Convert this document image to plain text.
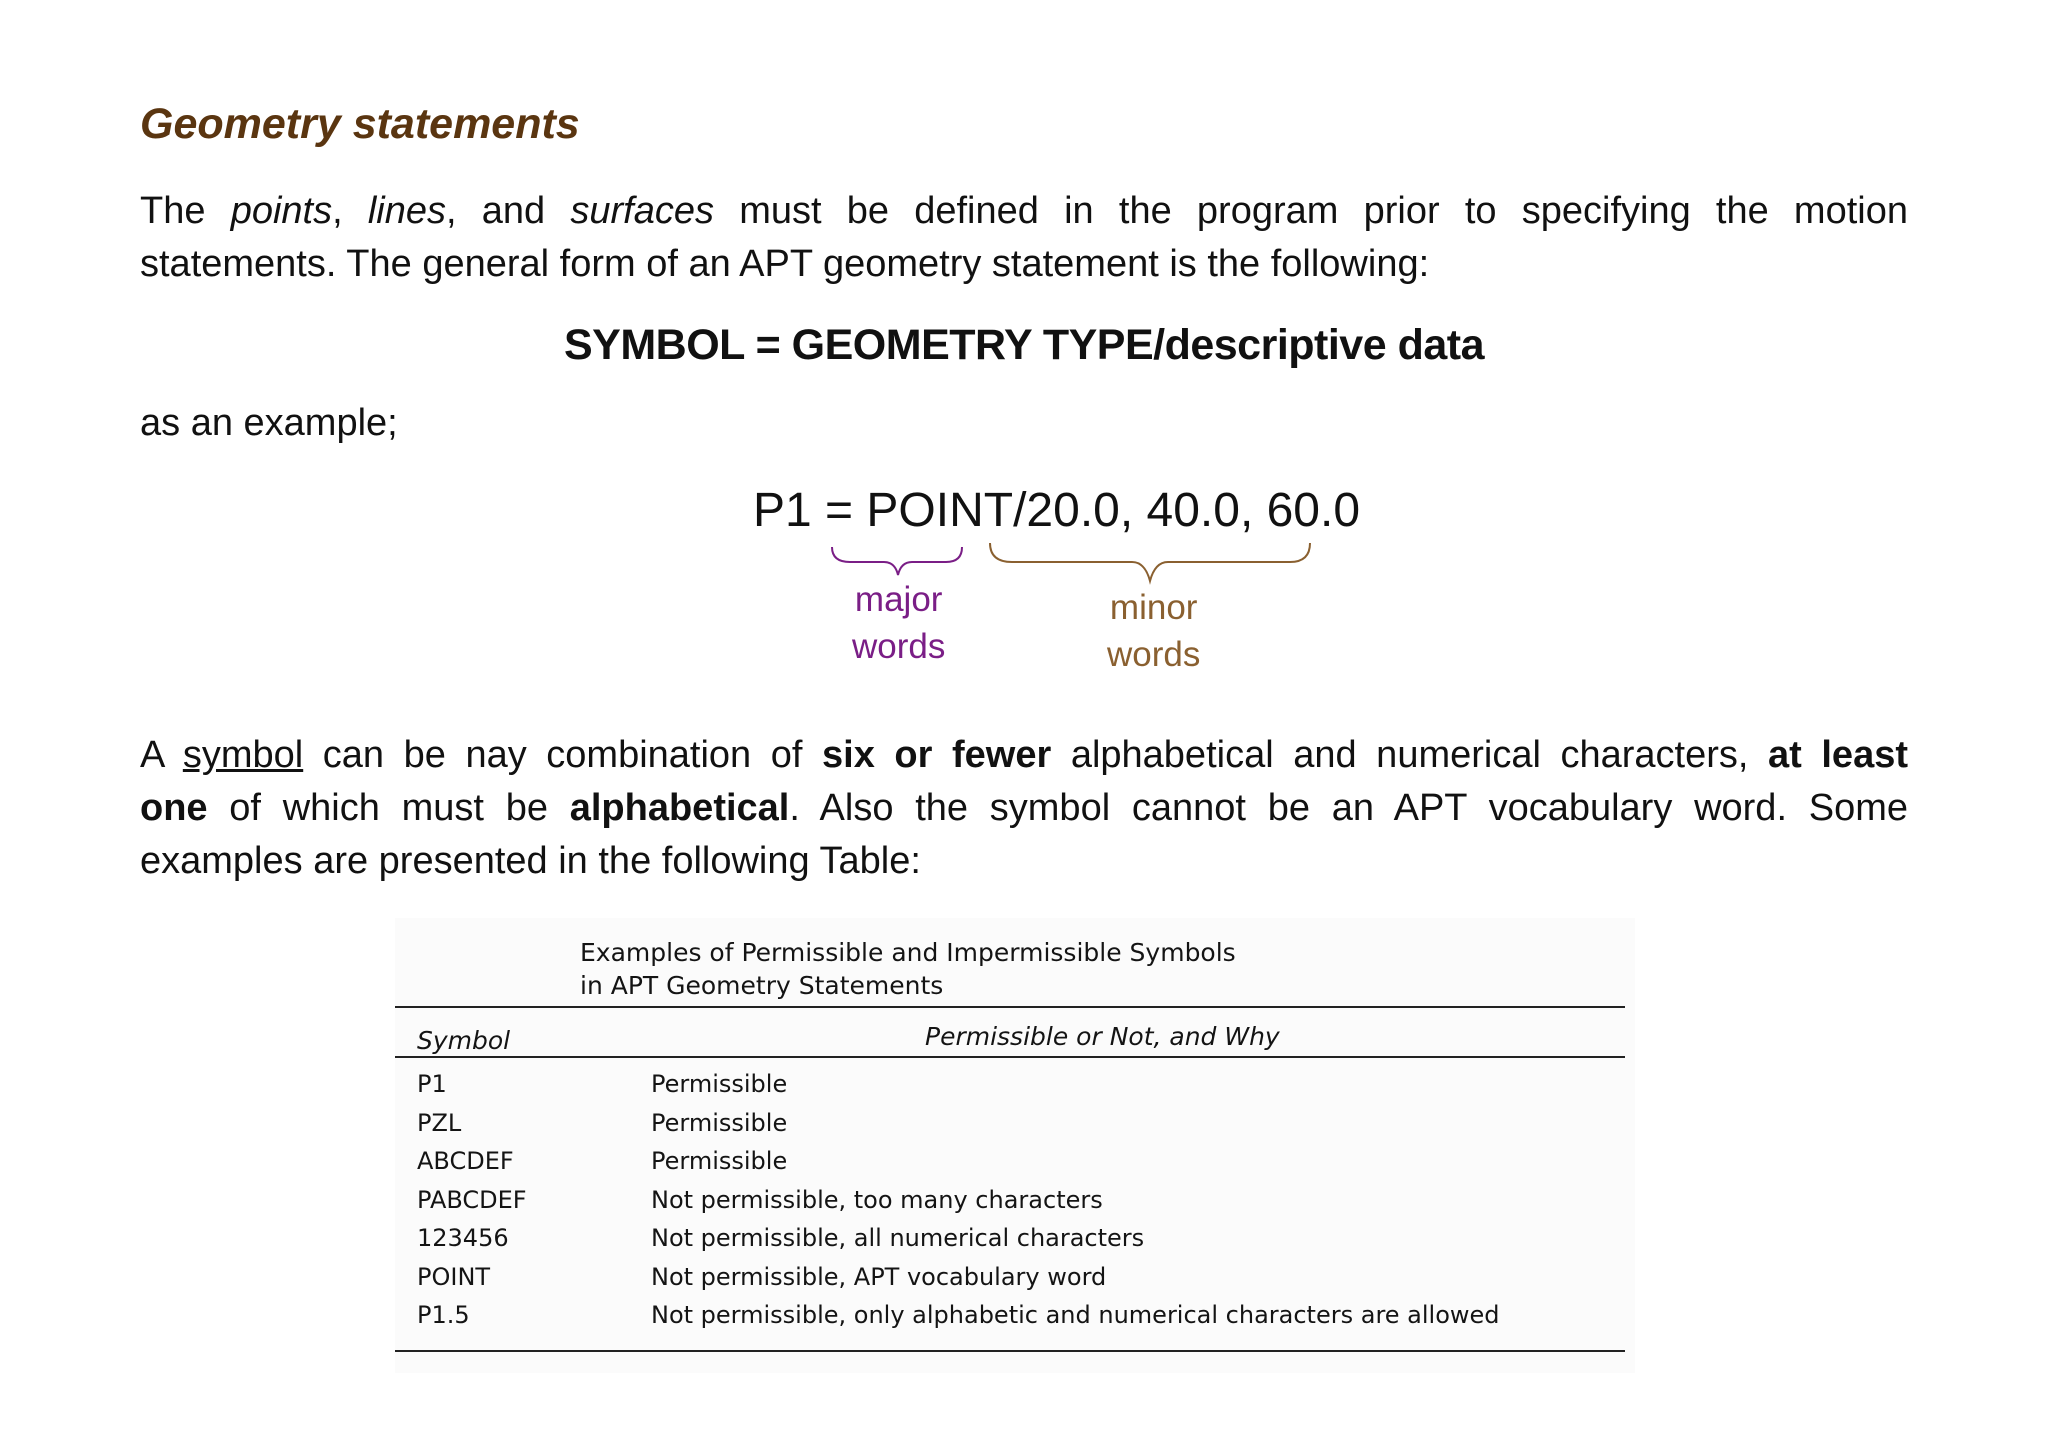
Geometry statements
The points, lines, and surfaces must be defined in the program prior to specifying the motion
statements. The general form of an APT geometry statement is the following:
SYMBOL = GEOMETRY TYPE/descriptive data
as an example;
P1 = POINT/20.0, 40.0, 60.0
major
words
minor
words
A symbol can be nay combination of six or fewer alphabetical and numerical characters, at least
one of which must be alphabetical. Also the symbol cannot be an APT vocabulary word. Some
examples are presented in the following Table:
Examples of Permissible and Impermissible Symbols
in APT Geometry Statements
Symbol	Permissible or Not, and Why
P1	Permissible
PZL	Permissible
ABCDEF	Permissible
PABCDEF	Not permissible, too many characters
123456	Not permissible, all numerical characters
POINT	Not permissible, APT vocabulary word
P1.5	Not permissible, only alphabetic and numerical characters are allowed
